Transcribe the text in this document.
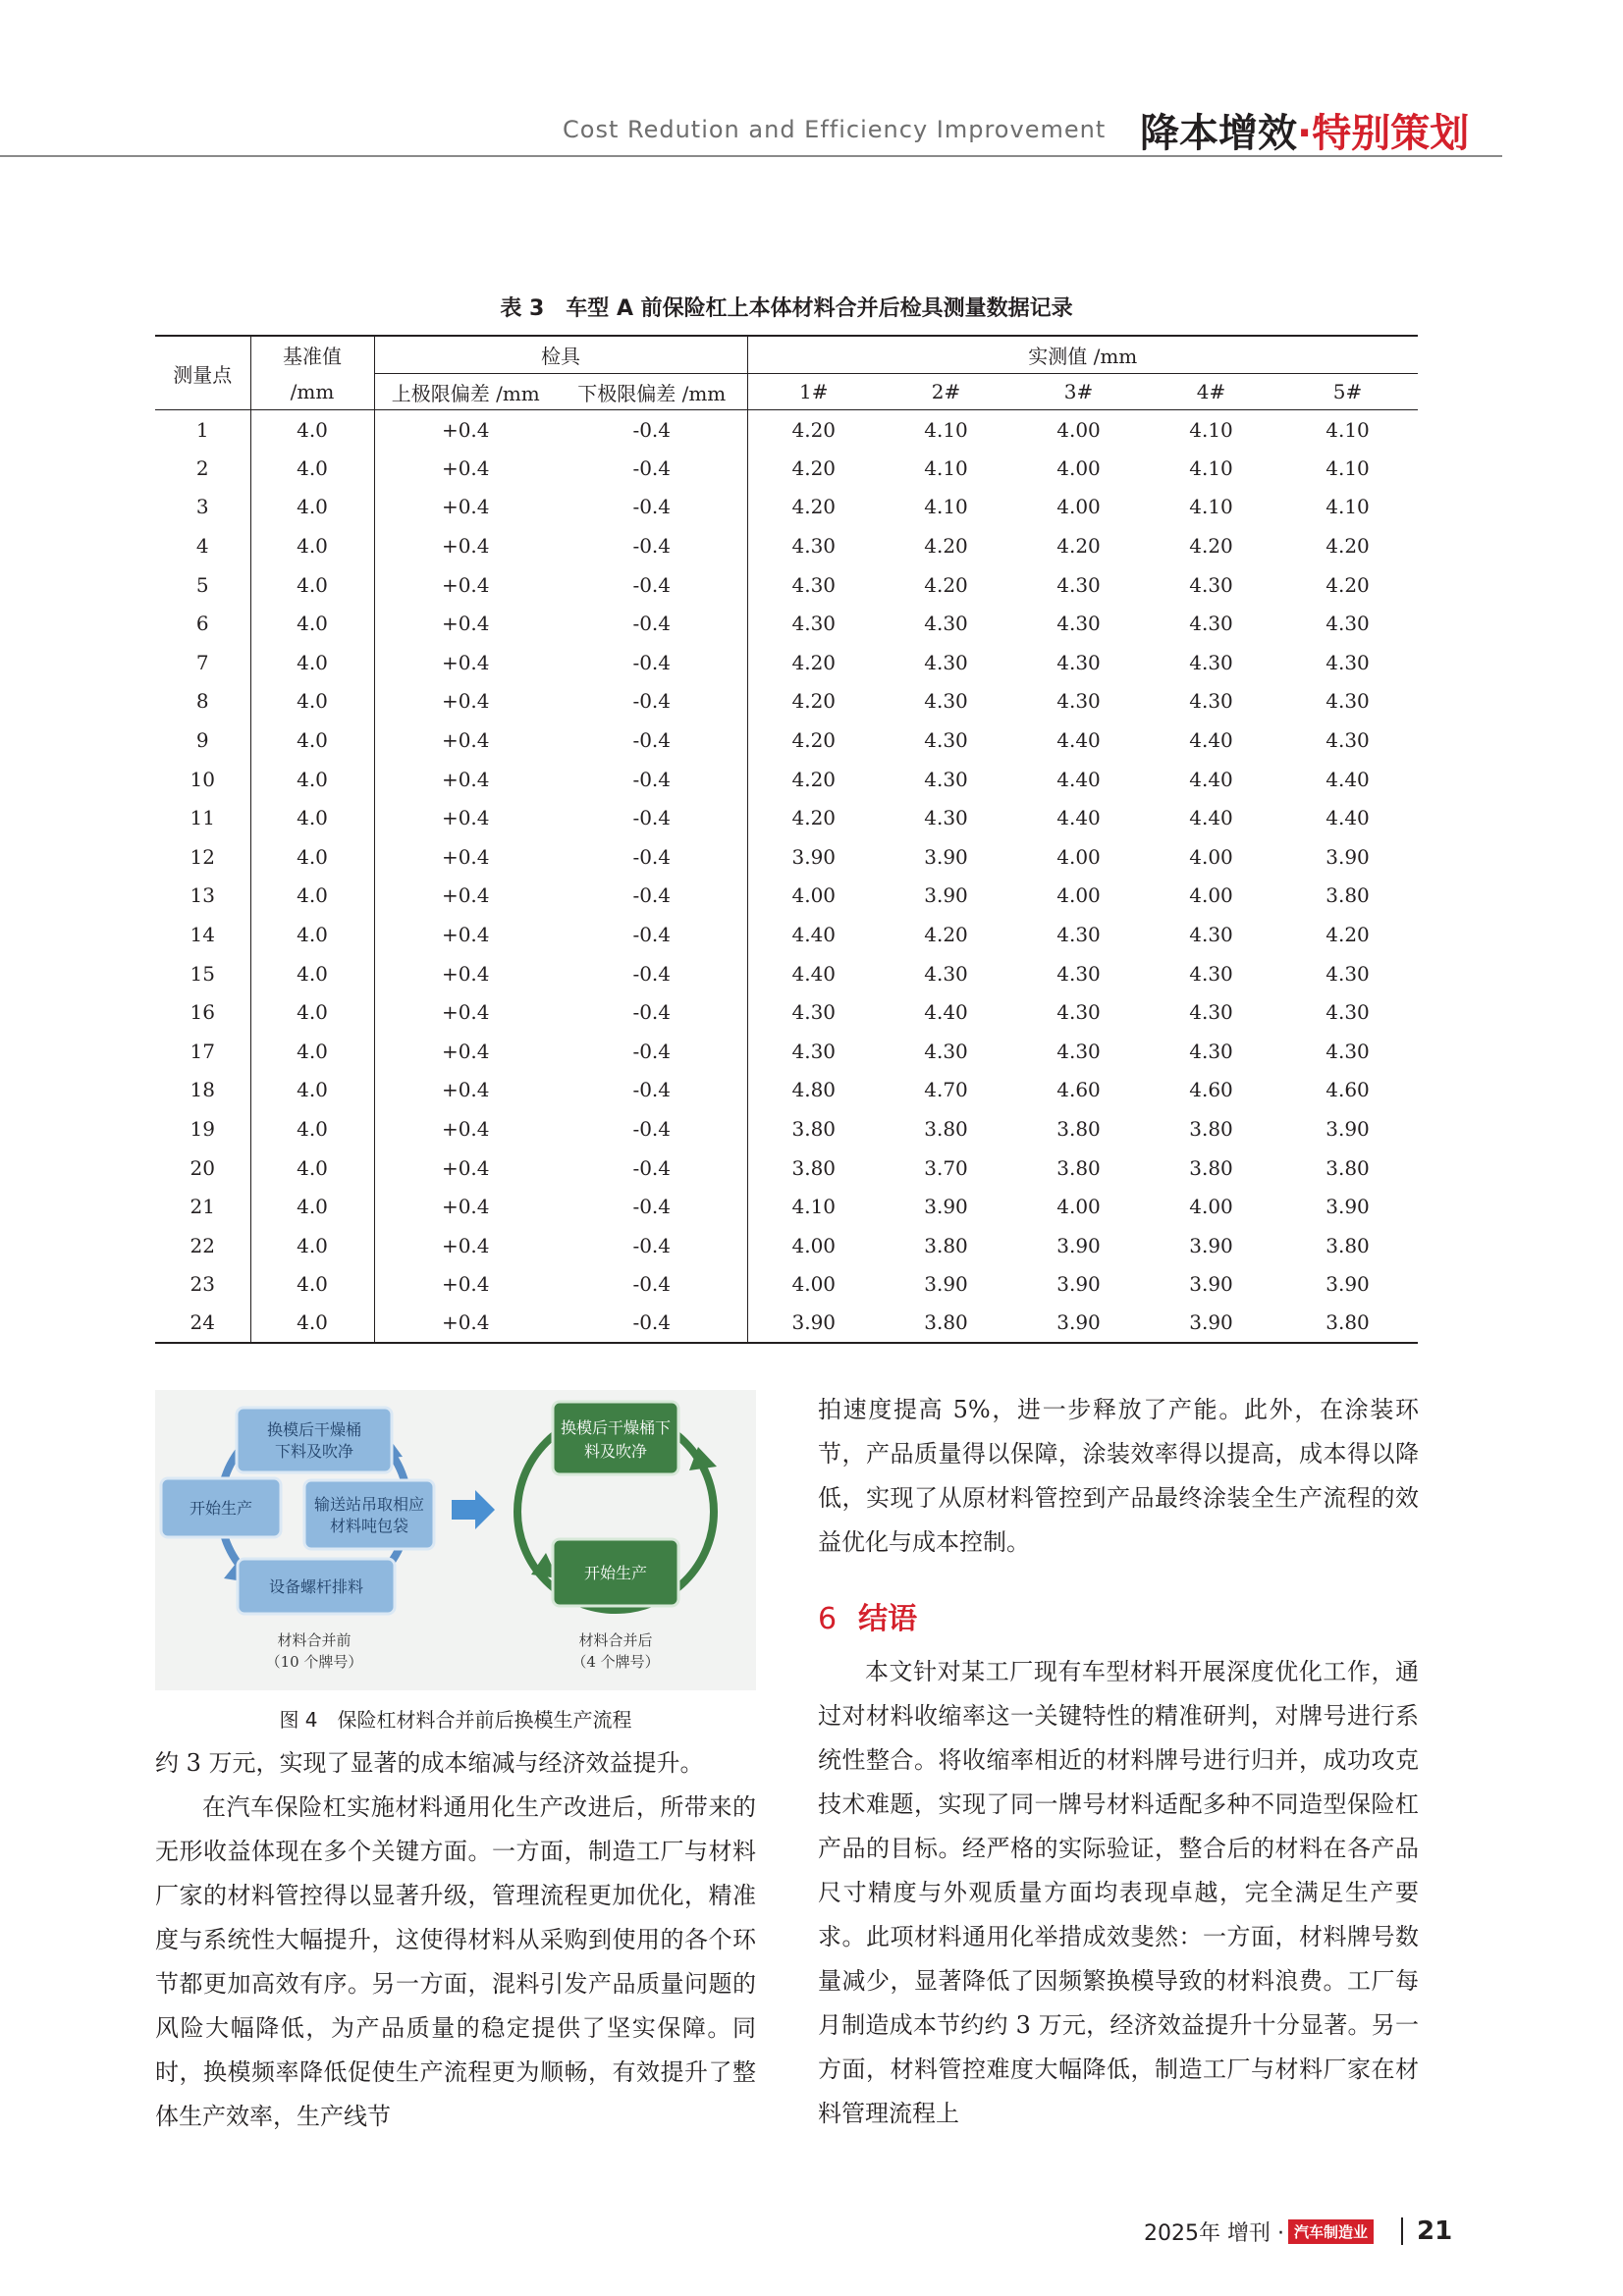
Cost Redution and Efficiency Improvement 降本增效·特别策划
表 3　车型 A 前保险杠上本体材料合并后检具测量数据记录
测量点	基准值	检具		实测值 /mm				
	/mm	上极限偏差 /mm	下极限偏差 /mm	1#	2#	3#	4#	5#
1	4.0	+0.4	-0.4	4.20	4.10	4.00	4.10	4.10
2	4.0	+0.4	-0.4	4.20	4.10	4.00	4.10	4.10
3	4.0	+0.4	-0.4	4.20	4.10	4.00	4.10	4.10
4	4.0	+0.4	-0.4	4.30	4.20	4.20	4.20	4.20
5	4.0	+0.4	-0.4	4.30	4.20	4.30	4.30	4.20
6	4.0	+0.4	-0.4	4.30	4.30	4.30	4.30	4.30
7	4.0	+0.4	-0.4	4.20	4.30	4.30	4.30	4.30
8	4.0	+0.4	-0.4	4.20	4.30	4.30	4.30	4.30
9	4.0	+0.4	-0.4	4.20	4.30	4.40	4.40	4.30
10	4.0	+0.4	-0.4	4.20	4.30	4.40	4.40	4.40
11	4.0	+0.4	-0.4	4.20	4.30	4.40	4.40	4.40
12	4.0	+0.4	-0.4	3.90	3.90	4.00	4.00	3.90
13	4.0	+0.4	-0.4	4.00	3.90	4.00	4.00	3.80
14	4.0	+0.4	-0.4	4.40	4.20	4.30	4.30	4.20
15	4.0	+0.4	-0.4	4.40	4.30	4.30	4.30	4.30
16	4.0	+0.4	-0.4	4.30	4.40	4.30	4.30	4.30
17	4.0	+0.4	-0.4	4.30	4.30	4.30	4.30	4.30
18	4.0	+0.4	-0.4	4.80	4.70	4.60	4.60	4.60
19	4.0	+0.4	-0.4	3.80	3.80	3.80	3.80	3.90
20	4.0	+0.4	-0.4	3.80	3.70	3.80	3.80	3.80
21	4.0	+0.4	-0.4	4.10	3.90	4.00	4.00	3.90
22	4.0	+0.4	-0.4	4.00	3.80	3.90	3.90	3.80
23	4.0	+0.4	-0.4	4.00	3.90	3.90	3.90	3.90
24	4.0	+0.4	-0.4	3.90	3.80	3.90	3.90	3.80
换模后干燥桶
下料及吹净
输送站吊取相应
材料吨包袋
设备螺杆排料
开始生产
材料合并前
（10 个牌号）
换模后干燥桶下
料及吹净
开始生产
材料合并后
（4 个牌号）
图 4　保险杠材料合并前后换模生产流程

约 3 万元，实现了显著的成本缩减与经济效益提升。

在汽车保险杠实施材料通用化生产改进后，所带来的无形收益体现在多个关键方面。一方面，制造工厂与材料厂家的材料管控得以显著升级，管理流程更加优化，精准度与系统性大幅提升，这使得材料从采购到使用的各个环节都更加高效有序。另一方面，混料引发产品质量问题的风险大幅降低，为产品质量的稳定提供了坚实保障。同时，换模频率降低促使生产流程更为顺畅，有效提升了整体生产效率，生产线节

拍速度提高 5%，进一步释放了产能。此外，在涂装环节，产品质量得以保障，涂装效率得以提高，成本得以降低，实现了从原材料管控到产品最终涂装全生产流程的效益优化与成本控制。

6 结语

本文针对某工厂现有车型材料开展深度优化工作，通过对材料收缩率这一关键特性的精准研判，对牌号进行系统性整合。将收缩率相近的材料牌号进行归并，成功攻克技术难题，实现了同一牌号材料适配多种不同造型保险杠产品的目标。经严格的实际验证，整合后的材料在各产品尺寸精度与外观质量方面均表现卓越，完全满足生产要求。此项材料通用化举措成效斐然：一方面，材料牌号数量减少，显著降低了因频繁换模导致的材料浪费。工厂每月制造成本节约约 3 万元，经济效益提升十分显著。另一方面，材料管控难度大幅降低，制造工厂与材料厂家在材料管理流程上

2025年 增刊 · 汽车制造业 21
